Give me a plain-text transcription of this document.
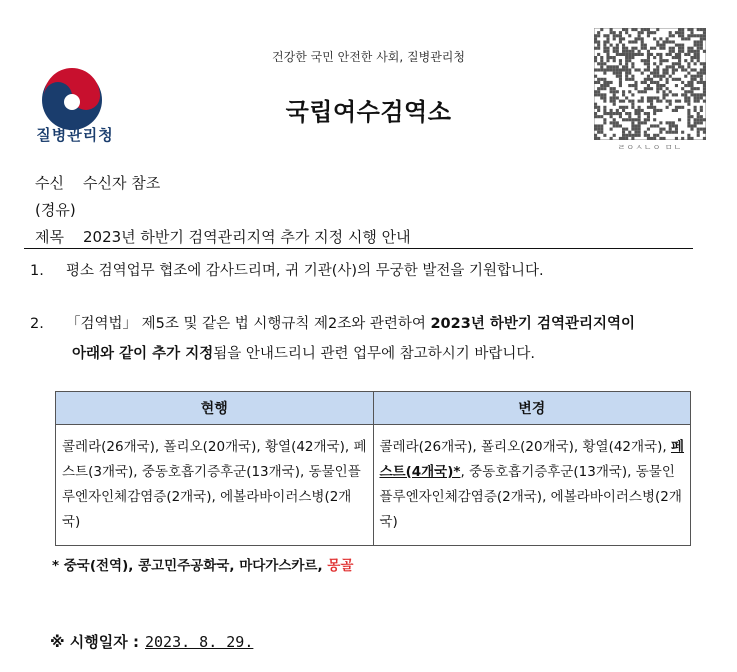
건강한 국민 안전한 사회, 질병관리청
국립여수검역소
질병관리청
ㄹㅇㅅㄴㅇ ㅁㄴ
수신 수신자 참조
(경유)
제목 2023년 하반기 검역관리지역 추가 지정 시행 안내
1. 평소 검역업무 협조에 감사드리며, 귀 기관(사)의 무궁한 발전을 기원합니다.
2. 「검역법」 제5조 및 같은 법 시행규칙 제2조와 관련하여 2023년 하반기 검역관리지역이
아래와 같이 추가 지정됨을 안내드리니 관련 업무에 참고하시기 바랍니다.
현행	변경
콜레라(26개국), 폴리오(20개국), 황열(42개국), 페스트(3개국), 중동호흡기증후군(13개국), 동물인플루엔자인체감염증(2개국), 에볼라바이러스병(2개국)	콜레라(26개국), 폴리오(20개국), 황열(42개국), 페스트(4개국)*, 중동호흡기증후군(13개국), 동물인플루엔자인체감염증(2개국), 에볼라바이러스병(2개국)
* 중국(전역), 콩고민주공화국, 마다가스카르, 몽골
※ 시행일자 : 2023. 8. 29.
